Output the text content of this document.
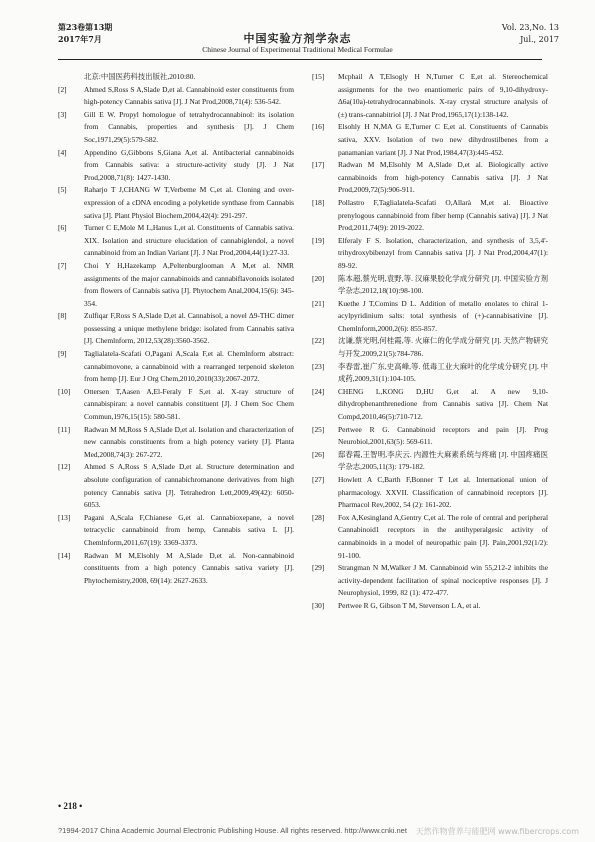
第23卷第13期
2017年7月	中国实验方剂学杂志
Chinese Journal of Experimental Traditional Medical Formulae
Vol. 23,No. 13
Jul., 2017
北京:中国医药科技出版社,2010:80.
[2]	Ahmed S,Ross S A,Slade D,et al. Cannabinoid ester constituents from high-potency Cannabis sativa [J]. J Nat Prod,2008,71(4): 536-542.
[3]	Gill E W. Propyl homologue of tetrahydrocannabinol: its isolation from Cannabis, properties and synthesis [J]. J Chem Soc,1971,29(5):579-582.
[4]	Appendino G,Gibbons S,Giana A,et al. Antibacterial cannabinoids from Cannabis sativa: a structure-activity study [J]. J Nat Prod,2008,71(8): 1427-1430.
[5]	Raharjo T J,CHANG W T,Verbeme M C,et al. Cloning and over-expression of a cDNA encoding a polyketide synthase from Cannabis sativa [J]. Plant Physiol Biochem,2004,42(4): 291-297.
[6]	Turner C E,Mole M L,Hanus L,et al. Constituents of Cannabis sativa. XIX. Isolation and structure elucidation of cannabiglendol, a novel cannabinoid from an Indian Variant [J]. J Nat Prod,2004,44(1):27-33.
[7]	Choi Y H,Hazekamp A,Peltenburglooman A M,et al. NMR assignments of the major cannabinoids and cannabiflavonoids isolated from flowers of Cannabis sativa [J]. Phytochem Anal,2004,15(6): 345-354.
[8]	Zulfiqar F,Ross S A,Slade D,et al. Cannabisol, a novel Δ9-THC dimer possessing a unique methylene bridge: isolated from Cannabis sativa [J]. Chemlnform, 2012,53(28):3560-3562.
[9]	Taglialatela-Scafati O,Pagani A,Scala F,et al. Chemlnform abstract: cannabimovone, a cannabinoid with a rearranged terpenoid skeleton from hemp [J]. Eur J Org Chem,2010,2010(33):2067-2072.
[10]	Ottersen T,Aasen A,El-Feraly F S,et al. X-ray structure of cannabispiran: a novel cannabis constituent [J]. J Chem Soc Chem Commun,1976,15(15): 580-581.
[11]	Radwan M M,Ross S A,Slade D,et al. Isolation and characterization of new cannabis constituents from a high potency variety [J]. Planta Med,2008,74(3): 267-272.
[12]	Ahmed S A,Ross S A,Slade D,et al. Structure determination and absolute configuration of cannabichromanone derivatives from high potency Cannabis sativa [J]. Tetrahedron Lett,2009,49(42): 6050-6053.
[13]	Pagani A,Scala F,Chianese G,et al. Cannabioxepane, a novel tetracyclic cannabinoid from hemp, Cannabis sativa L [J]. Chemlnform,2011,67(19): 3369-3373.
[14]	Radwan M M,Elsohly M A,Slade D,et al. Non-cannabinoid constituents from a high potency Cannabis sativa variety [J]. Phytochemistry,2008, 69(14): 2627-2633.
[15]	Mcphail A T,Elsogly H N,Turner C E,et al. Stereochemical assignments for the two enantiomeric pairs of 9,10-dihydroxy-Δ6a(10a)-tetrahydrocannabinols. X-ray crystal structure analysis of (±) trans-cannabitriol [J]. J Nat Prod,1965,17(1):138-142.
[16]	Elsohly H N,MA G E,Turner C E,et al. Constituents of Cannabis sativa, XXV. Isolation of two new dihydrostilbenes from a panamanian variant [J]. J Nat Prod,1984,47(3):445-452.
[17]	Radwan M M,Elsohly M A,Slade D,et al. Biologically active cannabinoids from high-potency Cannabis sativa [J]. J Nat Prod,2009,72(5):906-911.
[18]	Pollastro F,Taglialatela-Scafati O,Allarà M,et al. Bioactive prenylogous cannabinoid from fiber hemp (Cannabis sativa) [J]. J Nat Prod,2011,74(9): 2019-2022.
[19]	Elferaly F S. Isolation, characterization, and synthesis of 3,5,4'-trihydroxybibenzyl from Cannabis sativa [J]. J Nat Prod,2004,47(1): 89-92.
[20]	陈本超,蔡光明,袁野,等. 汉麻果胶化学成分研究 [J]. 中国实验方剂学杂志,2012,18(10):98-100.
[21]	Kuethe J T,Comins D L. Addition of metallo enolates to chiral 1-acylpyridinium salts: total synthesis of (+)-cannabisativine [J]. Chemlnform,2000,2(6): 855-857.
[22]	沈谦,蔡光明,何桂霞,等. 火麻仁的化学成分研究 [J]. 天然产物研究与开发,2009,21(5):784-786.
[23]	李春雷,崔广东,史高峰,等. 低毒工业大麻叶的化学成分研究 [J]. 中成药,2009,31(1):104-105.
[24]	CHENG L,KONG D,HU G,et al. A new 9,10-dihydrophenanthrenedione from Cannabis sativa [J]. Chem Nat Compd,2010,46(5):710-712.
[25]	Pertwee R G. Cannabinoid receptors and pain [J]. Prog Neurobiol,2001,63(5): 569-611.
[26]	邸春霞,王智明,李庆云. 内源性大麻素系统与疼痛 [J]. 中国疼痛医学杂志,2005,11(3): 179-182.
[27]	Howlett A C,Barth F,Bonner T I,et al. International union of pharmacology. XXVII. Classification of cannabinoid receptors [J]. Pharmacol Rev,2002, 54 (2): 161-202.
[28]	Fox A,Kesingland A,Gentry C,et al. The role of central and peripheral Cannabinoid1 receptors in the antihyperalgesic activity of cannabinoids in a model of neuropathic pain [J]. Pain,2001,92(1/2): 91-100.
[29]	Strangman N M,Walker J M. Cannabinoid win 55,212-2 inhibits the activity-dependent facilitation of spinal nociceptive responses [J]. J Neurophysiol, 1999, 82 (1): 472-477.
[30]	Pertwee R G, Gibson T M, Stevenson L A, et al.
• 218 •
?1994-2017 China Academic Journal Electronic Publishing House. All rights reserved. http://www.cnki.net	天然作物营养与能肥网 www.fibercrops.com
